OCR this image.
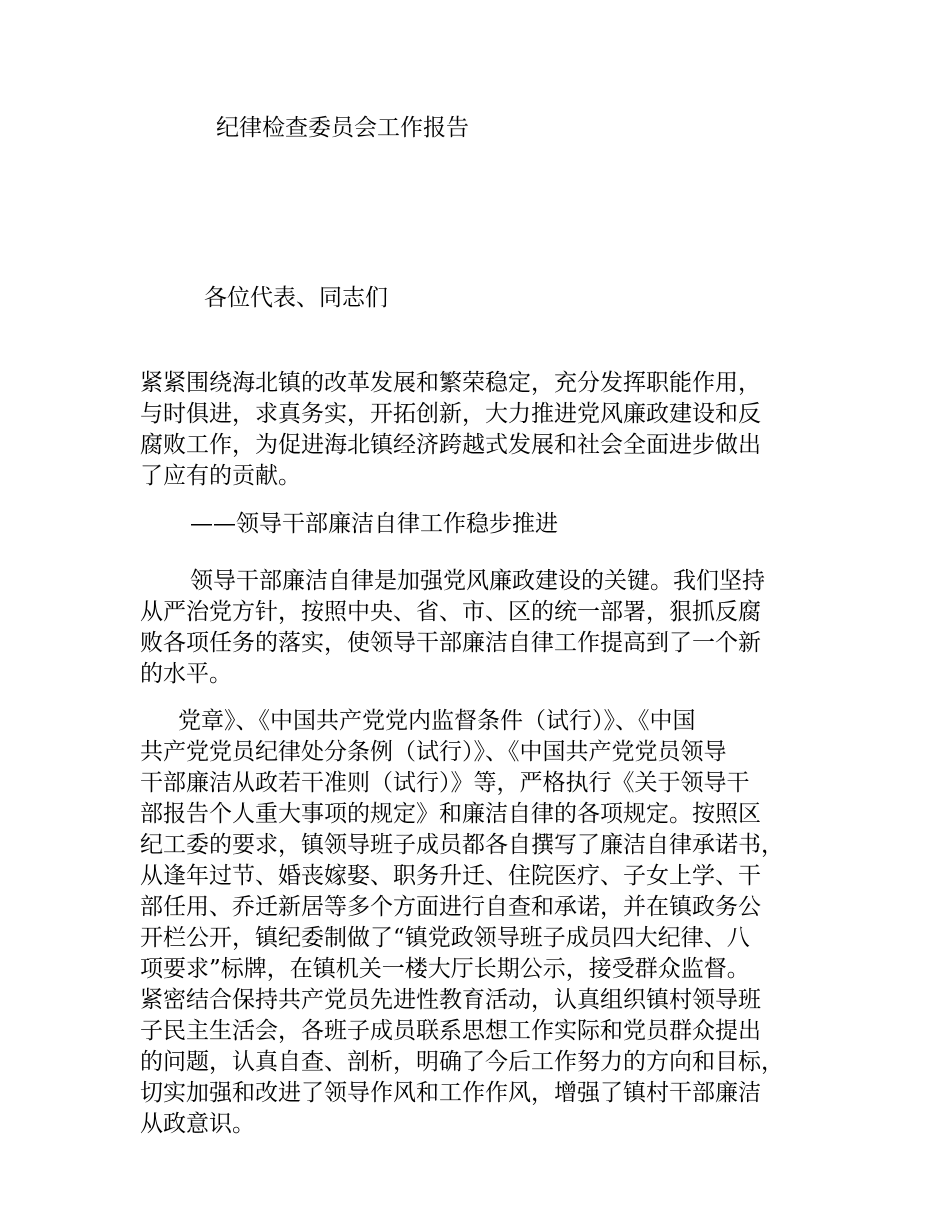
纪律检查委员会工作报告
各位代表、同志们
紧紧围绕海北镇的改革发展和繁荣稳定，充分发挥职能作用，
与时俱进，求真务实，开拓创新，大力推进党风廉政建设和反
腐败工作，为促进海北镇经济跨越式发展和社会全面进步做出
了应有的贡献。
——领导干部廉洁自律工作稳步推进
领导干部廉洁自律是加强党风廉政建设的关键。我们坚持
从严治党方针，按照中央、省、市、区的统一部署，狠抓反腐
败各项任务的落实，使领导干部廉洁自律工作提高到了一个新
的水平。
党章》、《中国共产党党内监督条件（试行）》、《中国
共产党党员纪律处分条例（试行）》、《中国共产党党员领导
干部廉洁从政若干准则（试行）》等，严格执行《关于领导干
部报告个人重大事项的规定》和廉洁自律的各项规定。按照区
纪工委的要求，镇领导班子成员都各自撰写了廉洁自律承诺书，
从逢年过节、婚丧嫁娶、职务升迁、住院医疗、子女上学、干
部任用、乔迁新居等多个方面进行自查和承诺，并在镇政务公
开栏公开，镇纪委制做了“镇党政领导班子成员四大纪律、八
项要求”标牌，在镇机关一楼大厅长期公示，接受群众监督。
紧密结合保持共产党员先进性教育活动，认真组织镇村领导班
子民主生活会，各班子成员联系思想工作实际和党员群众提出
的问题，认真自查、剖析，明确了今后工作努力的方向和目标，
切实加强和改进了领导作风和工作作风，增强了镇村干部廉洁
从政意识。
